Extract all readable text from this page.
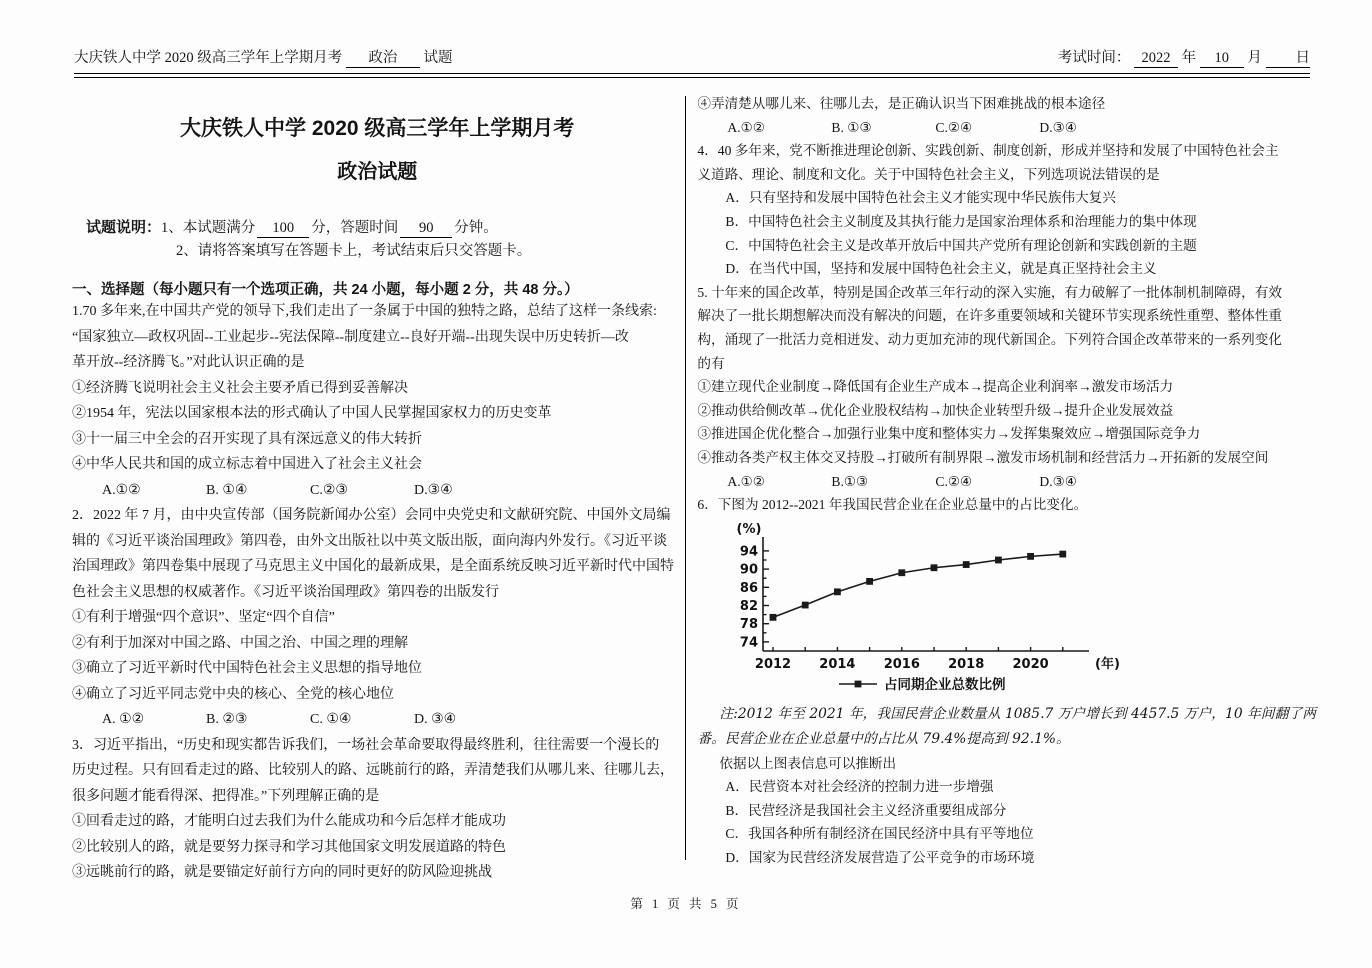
大庆铁人中学 2020 级高三学年上学期月考 政治 试题	考试时间： 2022 年 10 月 日
大庆铁人中学 2020 级高三学年上学期月考
政治试题
试题说明：1、本试题满分 100 分，答题时间 90 分钟。
2、请将答案填写在答题卡上，考试结束后只交答题卡。
一、选择题（每小题只有一个选项正确，共 24 小题，每小题 2 分，共 48 分。）
1.70 多年来,在中国共产党的领导下,我们走出了一条属于中国的独特之路，总结了这样一条线索:
“国家独立—政权巩固--工业起步--宪法保障--制度建立--良好开端--出现失误中历史转折—改
革开放--经济腾飞。”对此认识正确的是
①经济腾飞说明社会主义社会主要矛盾已得到妥善解决
②1954 年，宪法以国家根本法的形式确认了中国人民掌握国家权力的历史变革
③十一届三中全会的召开实现了具有深远意义的伟大转折
④中华人民共和国的成立标志着中国进入了社会主义社会
A.①②	B. ①④	C.②③	D.③④
2．2022 年 7 月，由中央宣传部（国务院新闻办公室）会同中央党史和文献研究院、中国外文局编
辑的《习近平谈治国理政》第四卷，由外文出版社以中英文版出版，面向海内外发行。《习近平谈
治国理政》第四卷集中展现了马克思主义中国化的最新成果，是全面系统反映习近平新时代中国特
色社会主义思想的权威著作。《习近平谈治国理政》第四卷的出版发行
①有利于增强“四个意识”、坚定“四个自信”
②有利于加深对中国之路、中国之治、中国之理的理解
③确立了习近平新时代中国特色社会主义思想的指导地位
④确立了习近平同志党中央的核心、全党的核心地位
A. ①②	B. ②③	C. ①④	D. ③④
3．习近平指出，“历史和现实都告诉我们，一场社会革命要取得最终胜利，往往需要一个漫长的
历史过程。只有回看走过的路、比较别人的路、远眺前行的路，弄清楚我们从哪儿来、往哪儿去，
很多问题才能看得深、把得准。”下列理解正确的是
①回看走过的路，才能明白过去我们为什么能成功和今后怎样才能成功
②比较别人的路，就是要努力探寻和学习其他国家文明发展道路的特色
③远眺前行的路，就是要锚定好前行方向的同时更好的防风险迎挑战
④弄清楚从哪儿来、往哪儿去，是正确认识当下困难挑战的根本途径
A.①②	B. ①③	C.②④	D.③④
4．40 多年来，党不断推进理论创新、实践创新、制度创新，形成并坚持和发展了中国特色社会主
义道路、理论、制度和文化。关于中国特色社会主义，下列选项说法错误的是
A．只有坚持和发展中国特色社会主义才能实现中华民族伟大复兴
B．中国特色社会主义制度及其执行能力是国家治理体系和治理能力的集中体现
C．中国特色社会主义是改革开放后中国共产党所有理论创新和实践创新的主题
D．在当代中国，坚持和发展中国特色社会主义，就是真正坚持社会主义
5. 十年来的国企改革，特别是国企改革三年行动的深入实施，有力破解了一批体制机制障碍，有效
解决了一批长期想解决而没有解决的问题，在许多重要领域和关键环节实现系统性重塑、整体性重
构，涌现了一批活力竞相迸发、动力更加充沛的现代新国企。下列符合国企改革带来的一系列变化
的有
①建立现代企业制度→降低国有企业生产成本→提高企业利润率→激发市场活力
②推动供给侧改革→优化企业股权结构→加快企业转型升级→提升企业发展效益
③推进国企优化整合→加强行业集中度和整体实力→发挥集聚效应→增强国际竞争力
④推动各类产权主体交叉持股→打破所有制界限→激发市场机制和经营活力→开拓新的发展空间
A.①②	B.①③	C.②④	D.③④
6．下图为 2012--2021 年我国民营企业在企业总量中的占比变化。
74
78
82
86
90
94
(%)
2012 2014 2016 2018 2020	(年)
占同期企业总数比例
注:2012 年至 2021 年，我国民营企业数量从 1085.7 万户增长到 4457.5 万户，10 年间翻了两
番。民营企业在企业总量中的占比从 79.4%提高到 92.1%。
依据以上图表信息可以推断出
A．民营资本对社会经济的控制力进一步增强
B．民营经济是我国社会主义经济重要组成部分
C．我国各种所有制经济在国民经济中具有平等地位
D．国家为民营经济发展营造了公平竞争的市场环境
第 1 页 共 5 页
